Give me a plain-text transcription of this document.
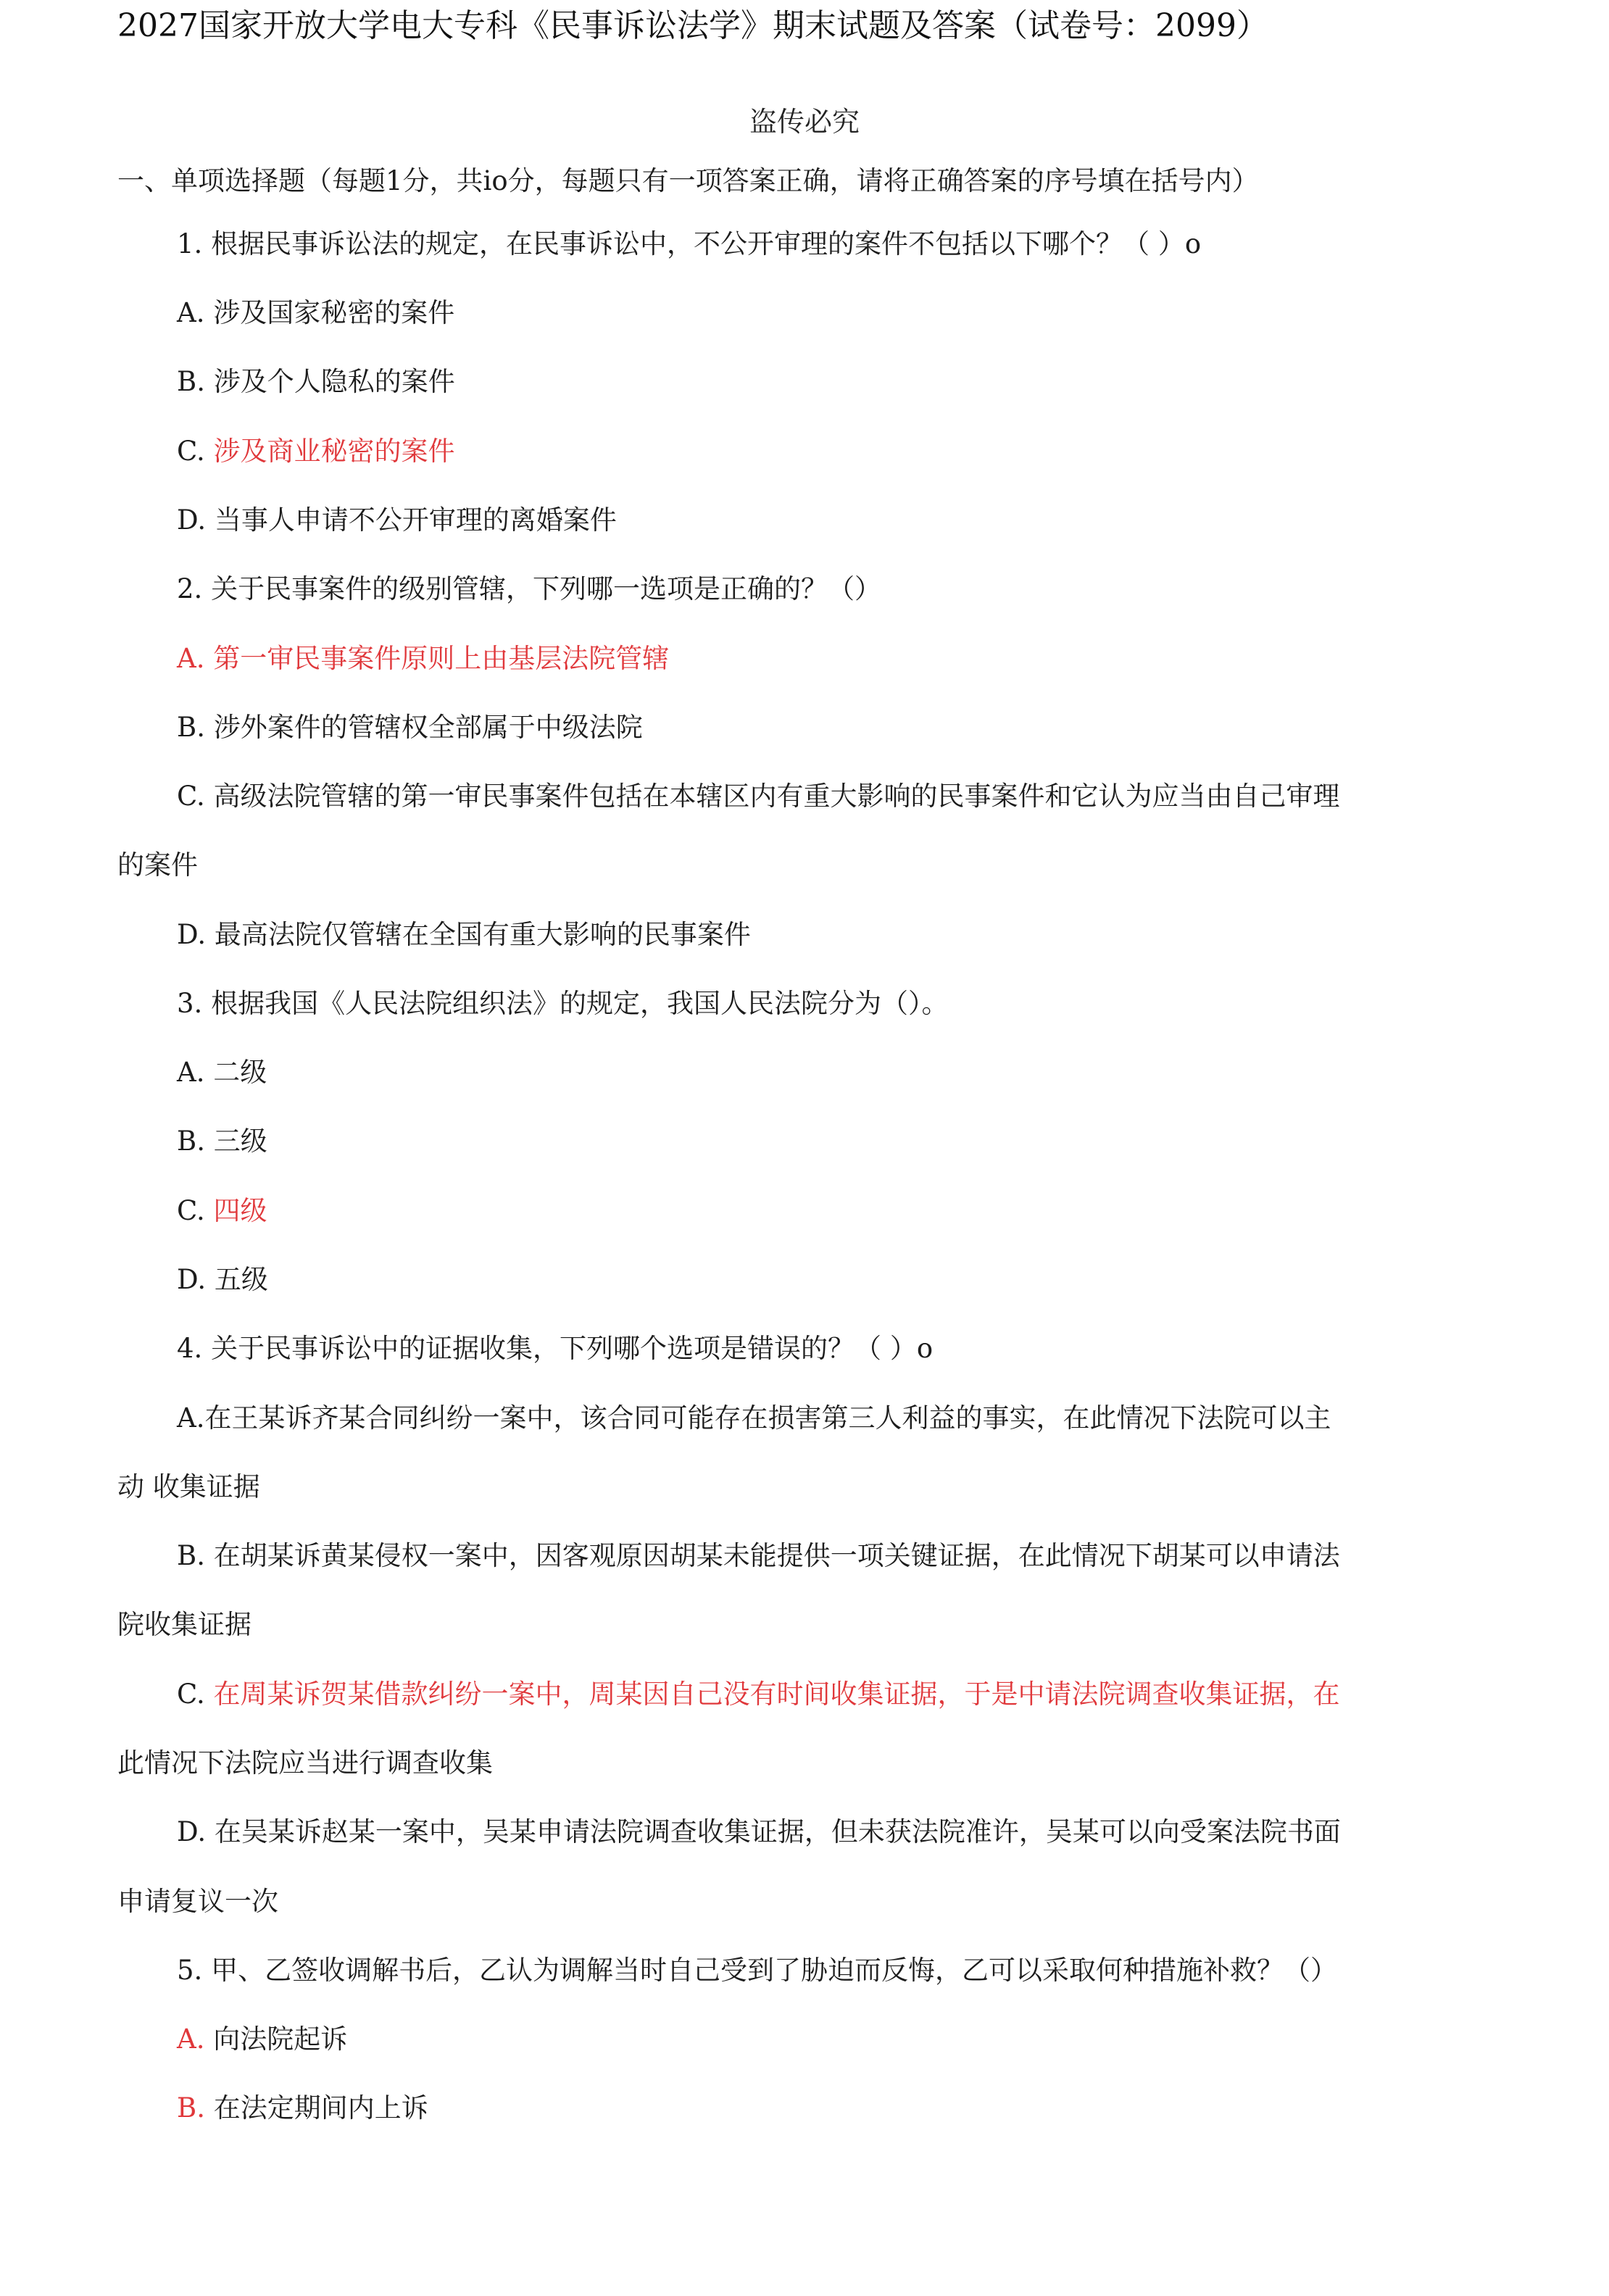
2027国家开放大学电大专科《民事诉讼法学》期末试题及答案（试卷号：2099）
盗传必究
一、单项选择题（每题1分，共io分，每题只有一项答案正确，请将正确答案的序号填在括号内）
1. 根据民事诉讼法的规定，在民事诉讼中，不公开审理的案件不包括以下哪个？（ ）o
A. 涉及国家秘密的案件
B. 涉及个人隐私的案件
C. 涉及商业秘密的案件
D. 当事人申请不公开审理的离婚案件
2. 关于民事案件的级别管辖，下列哪一选项是正确的？（）
A. 第一审民事案件原则上由基层法院管辖
B. 涉外案件的管辖权全部属于中级法院
C. 高级法院管辖的第一审民事案件包括在本辖区内有重大影响的民事案件和它认为应当由自己审理
的案件
D. 最高法院仅管辖在全国有重大影响的民事案件
3. 根据我国《人民法院组织法》的规定，我国人民法院分为（）。
A. 二级
B. 三级
C. 四级
D. 五级
4. 关于民事诉讼中的证据收集，下列哪个选项是错误的？（ ）o
A.在王某诉齐某合同纠纷一案中，该合同可能存在损害第三人利益的事实，在此情况下法院可以主
动 收集证据
B. 在胡某诉黄某侵权一案中，因客观原因胡某未能提供一项关键证据，在此情况下胡某可以申请法
院收集证据
C. 在周某诉贺某借款纠纷一案中，周某因自己没有时间收集证据，于是中请法院调查收集证据，在
此情况下法院应当进行调查收集
D. 在吴某诉赵某一案中，吴某申请法院调查收集证据，但未获法院准许，吴某可以向受案法院书面
申请复议一次
5. 甲、乙签收调解书后，乙认为调解当时自己受到了胁迫而反悔，乙可以采取何种措施补救？（）
A. 向法院起诉
B. 在法定期间内上诉
